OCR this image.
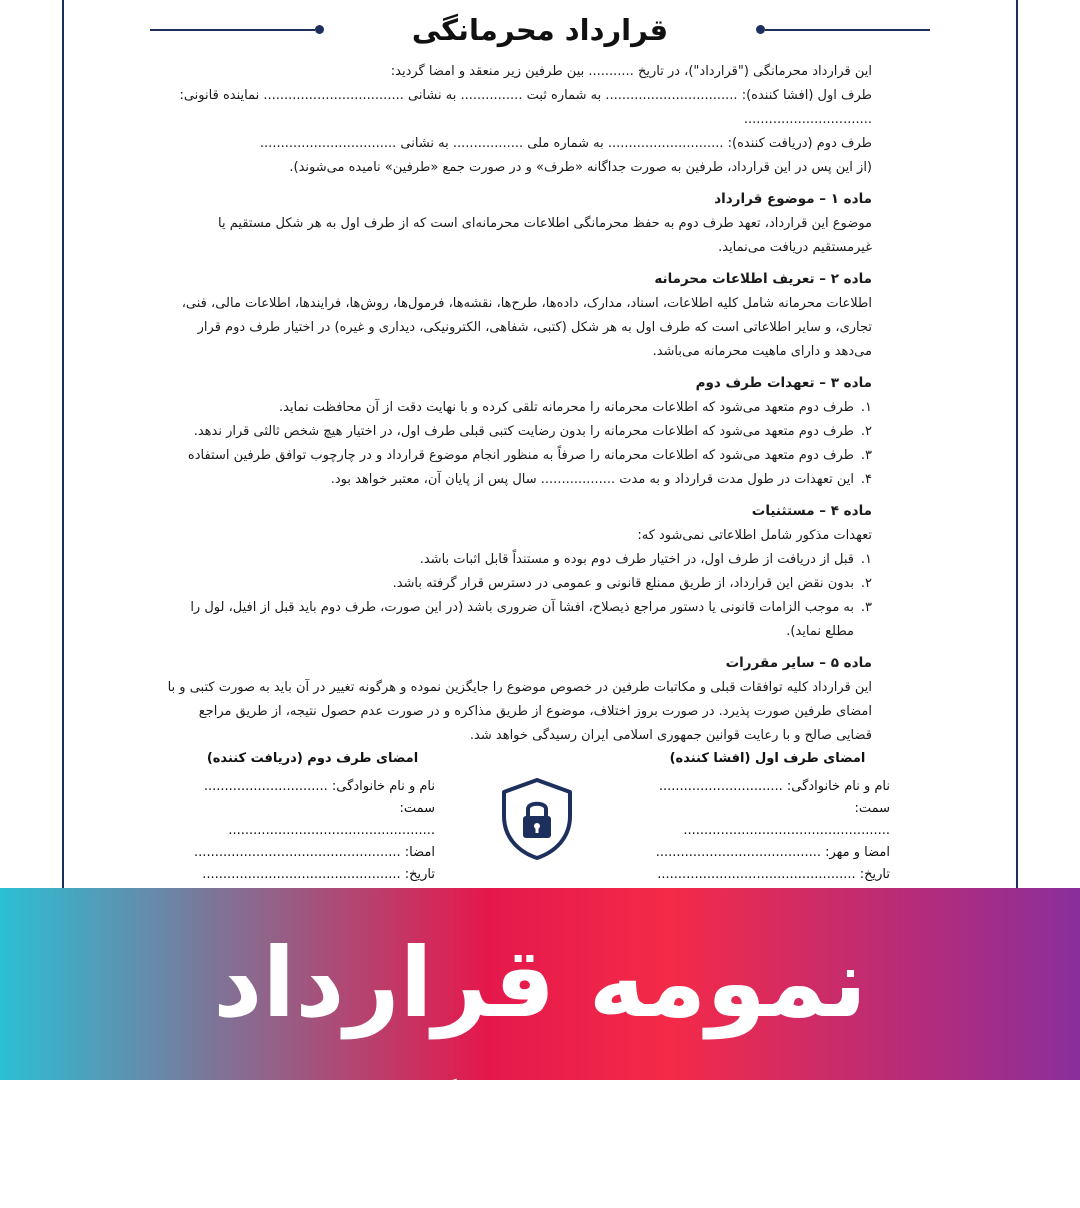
قرارداد محرمانگی

این قرارداد محرمانگی ("قرارداد")، در تاریخ ........... بین طرفین زیر منعقد و امضا گردید:

طرف اول (افشا کننده): ................................ به شماره ثبت ............... به نشانی .................................. نماینده قانونی: ...............................

طرف دوم (دریافت کننده): ............................ به شماره ملی ................. به نشانی .................................

(از این پس در این قرارداد، طرفین به صورت جداگانه «طرف» و در صورت جمع «طرفین» نامیده می‌شوند).

ماده ۱ – موضوع قرارداد

موضوع این قرارداد، تعهد طرف دوم به حفظ محرمانگی اطلاعات محرمانه‌ای است که از طرف اول به هر شکل مستقیم یا غیرمستقیم دریافت می‌نماید.

ماده ۲ – تعریف اطلاعات محرمانه

اطلاعات محرمانه شامل کلیه اطلاعات، اسناد، مدارک، داده‌ها، طرح‌ها، نقشه‌ها، فرمول‌ها، روش‌ها، فرایندها، اطلاعات مالی، فنی، تجاری، و سایر اطلاعاتی است که طرف اول به هر شکل (کتبی، شفاهی، الکترونیکی، دیداری و غیره) در اختیار طرف دوم قرار می‌دهد و دارای ماهیت محرمانه می‌باشد.

ماده ۳ – تعهدات طرف دوم

۱.
طرف دوم متعهد می‌شود که اطلاعات محرمانه را محرمانه تلقی کرده و با نهایت دقت از آن محافظت نماید.
۲.
طرف دوم متعهد می‌شود که اطلاعات محرمانه را بدون رضایت کتبی قبلی طرف اول، در اختیار هیچ شخص ثالثی قرار ندهد.
۳.
طرف دوم متعهد می‌شود که اطلاعات محرمانه را صرفاً به منظور انجام موضوع قرارداد و در چارچوب توافق طرفین استفاده
۴.
این تعهدات در طول مدت قرارداد و به مدت .................. سال پس از پایان آن، معتبر خواهد بود.

ماده ۴ – مستثنیات

تعهدات مذکور شامل اطلاعاتی نمی‌شود که:

۱.
قبل از دریافت از طرف اول، در اختیار طرف دوم بوده و مستنداً قابل اثبات باشد.
۲.
بدون نقض این قرارداد، از طریق ممنلع قانونی و عمومی در دسترس قرار گرفته باشد.
۳.
به موجب الزامات قانونی یا دستور مراجع ذیصلاح، افشا آن ضروری باشد (در این صورت، طرف دوم باید قبل از افیل، لول را مطلع نماید).

ماده ۵ – سایر مقررات

این قرارداد کلیه توافقات قبلی و مکاتبات طرفین در خصوص موضوع را جایگزین نموده و هرگونه تغییر در آن باید به صورت کتبی و با امضای طرفین صورت پذیرد. در صورت بروز اختلاف، موضوع از طریق مذاکره و در صورت عدم حصول نتیجه، از طریق مراجع قضایی صالح و با رعایت قوانین جمهوری اسلامی ایران رسیدگی خواهد شد.

امضای طرف اول (افشا کننده)
نام و نام خانوادگی: ..............................
سمت: ..................................................
امضا و مهر: ........................................
تاریخ: ................................................
امضای طرف دوم (دریافت کننده)
نام و نام خانوادگی: ..............................
سمت: ..................................................
امضا: ..................................................
تاریخ: ................................................
نمومه قرارداد محرمانگی
